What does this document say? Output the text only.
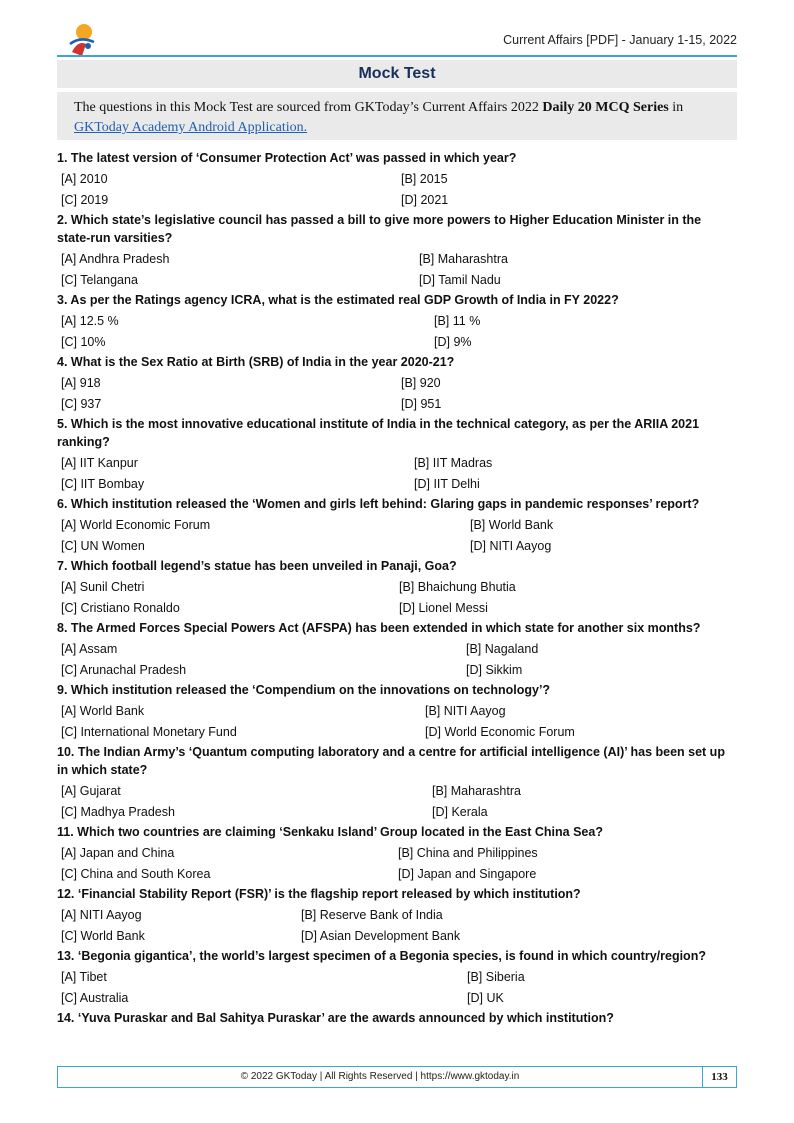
Current Affairs [PDF] - January 1-15, 2022
Mock Test
The questions in this Mock Test are sourced from GKToday’s Current Affairs 2022 Daily 20 MCQ Series in
GKToday Academy Android Application.
1. The latest version of ‘Consumer Protection Act’ was passed in which year?
[A] 2010	[B] 2015
[C] 2019	[D] 2021
2. Which state’s legislative council has passed a bill to give more powers to Higher Education Minister in the state-run varsities?
[A] Andhra Pradesh	[B] Maharashtra
[C] Telangana	[D] Tamil Nadu
3. As per the Ratings agency ICRA, what is the estimated real GDP Growth of India in FY 2022?
[A] 12.5 %	[B] 11 %
[C] 10%	[D] 9%
4. What is the Sex Ratio at Birth (SRB) of India in the year 2020-21?
[A] 918	[B] 920
[C] 937	[D] 951
5. Which is the most innovative educational institute of India in the technical category, as per the ARIIA 2021 ranking?
[A] IIT Kanpur	[B] IIT Madras
[C] IIT Bombay	[D] IIT Delhi
6. Which institution released the ‘Women and girls left behind: Glaring gaps in pandemic responses’ report?
[A] World Economic Forum	[B] World Bank
[C] UN Women	[D] NITI Aayog
7. Which football legend’s statue has been unveiled in Panaji, Goa?
[A] Sunil Chetri	[B] Bhaichung Bhutia
[C] Cristiano Ronaldo	[D] Lionel Messi
8. The Armed Forces Special Powers Act (AFSPA) has been extended in which state for another six months?
[A] Assam	[B] Nagaland
[C] Arunachal Pradesh	[D] Sikkim
9. Which institution released the ‘Compendium on the innovations on technology’?
[A] World Bank	[B] NITI Aayog
[C] International Monetary Fund	[D] World Economic Forum
10. The Indian Army’s ‘Quantum computing laboratory and a centre for artificial intelligence (AI)’ has been set up in which state?
[A] Gujarat	[B] Maharashtra
[C] Madhya Pradesh	[D] Kerala
11. Which two countries are claiming ‘Senkaku Island’ Group located in the East China Sea?
[A] Japan and China	[B] China and Philippines
[C] China and South Korea	[D] Japan and Singapore
12. ‘Financial Stability Report (FSR)’ is the flagship report released by which institution?
[A] NITI Aayog	[B] Reserve Bank of India
[C] World Bank	[D] Asian Development Bank
13. ‘Begonia gigantica’, the world’s largest specimen of a Begonia species, is found in which country/region?
[A] Tibet	[B] Siberia
[C] Australia	[D] UK
14. ‘Yuva Puraskar and Bal Sahitya Puraskar’ are the awards announced by which institution?
© 2022 GKToday | All Rights Reserved | https://www.gktoday.in	133
